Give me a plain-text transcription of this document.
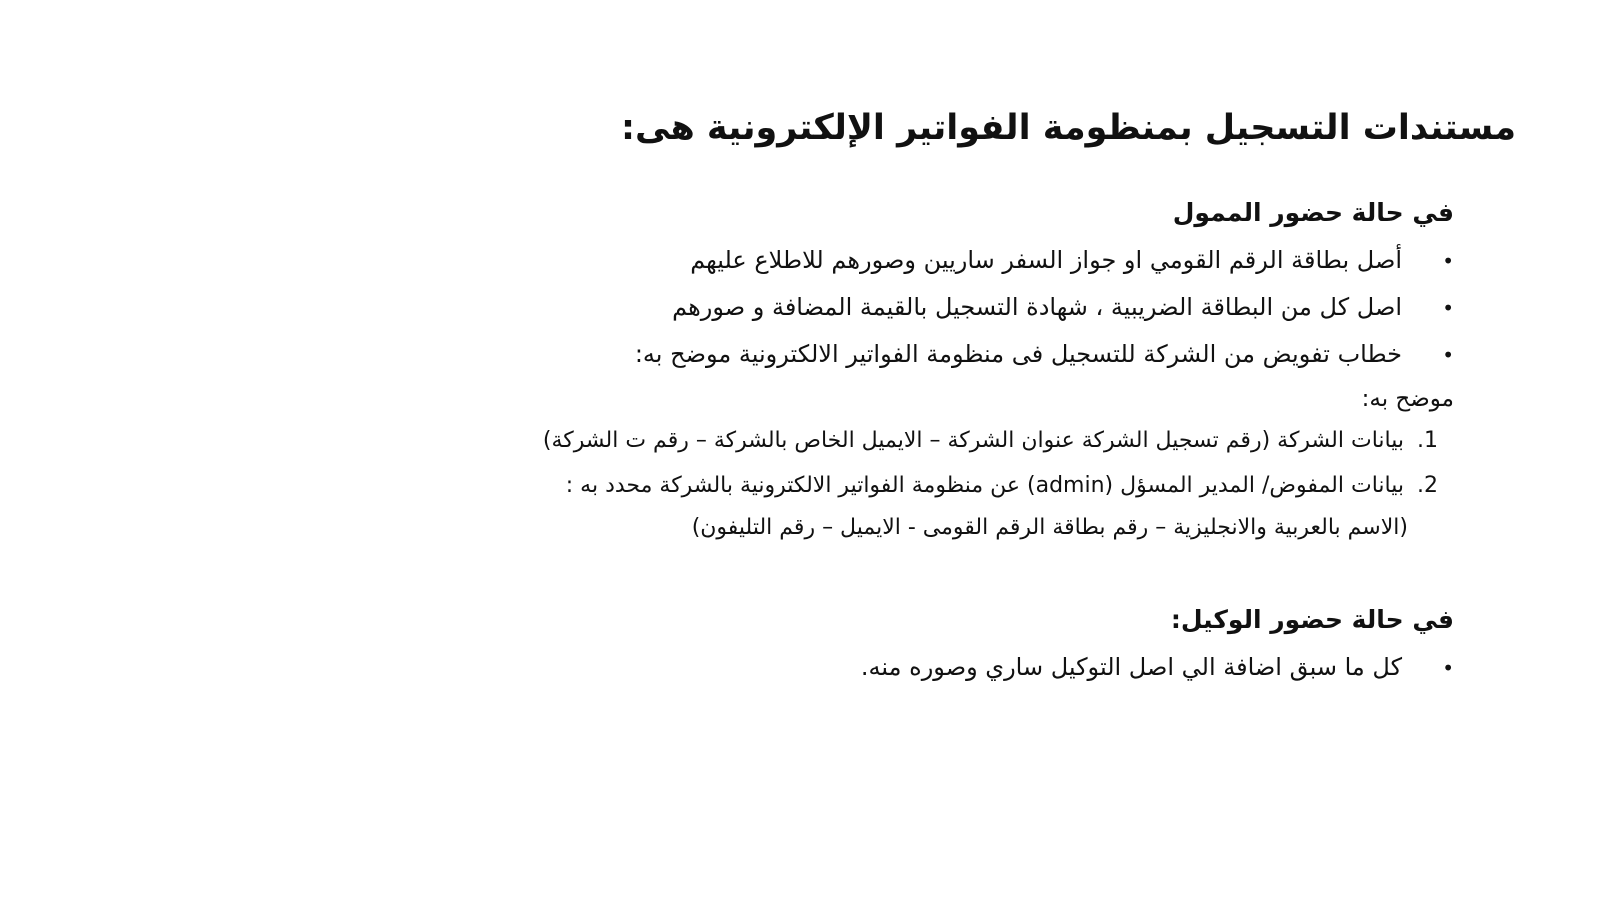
مستندات التسجيل بمنظومة الفواتير الإلكترونية هى:
في حالة حضور الممول
•
أصل بطاقة الرقم القومي او جواز السفر ساريين وصورهم للاطلاع عليهم
•
اصل كل من البطاقة الضريبية ، شهادة التسجيل بالقيمة المضافة و صورهم
•
خطاب تفويض من الشركة للتسجيل فى منظومة الفواتير الالكترونية موضح به:
موضح به:
1.
بيانات الشركة (رقم تسجيل الشركة عنوان الشركة – الايميل الخاص بالشركة – رقم ت الشركة)
2.
بيانات المفوض/ المدير المسؤل (admin) عن منظومة الفواتير الالكترونية بالشركة محدد به :
(الاسم بالعربية والانجليزية – رقم بطاقة الرقم القومى - الايميل – رقم التليفون)
في حالة حضور الوكيل:
•
كل ما سبق اضافة الي اصل التوكيل ساري وصوره منه.
